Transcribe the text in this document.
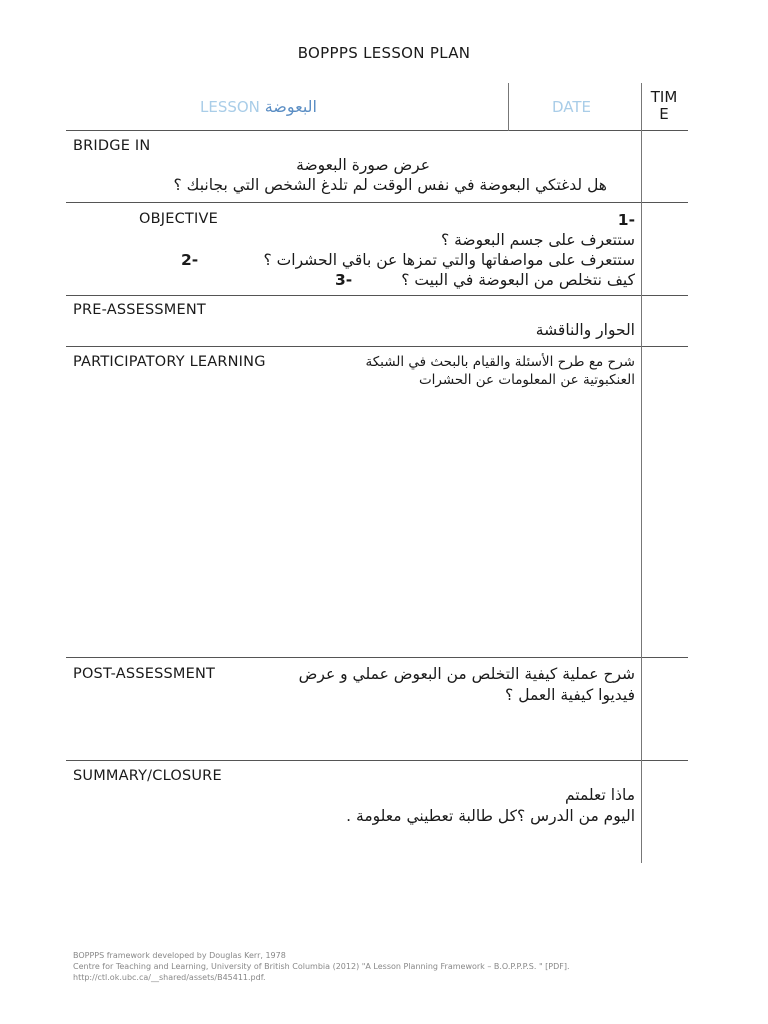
BOPPPS LESSON PLAN
LESSON البعوضة	DATE
TIM
E
BRIDGE IN
عرض صورة البعوضة
هل لدغتكي البعوضة في نفس الوقت لم تلدغ الشخص التي بجانبك ؟
OBJECTIVE	1-
ستتعرف على جسم البعوضة ؟
2-	ستتعرف على مواصفاتها والتي تمزها عن باقي الحشرات ؟
3-	كيف نتخلص من البعوضة في البيت ؟
PRE-ASSESSMENT
الحوار والناقشة
PARTICIPATORY LEARNING	شرح مع طرح الأسئلة والقيام بالبحث في الشبكة
العنكبوتية عن المعلومات عن الحشرات
POST-ASSESSMENT	شرح عملية كيفية التخلص من البعوض عملي و عرض
فيديوا كيفية العمل ؟
SUMMARY/CLOSURE
ماذا تعلمتم
اليوم من الدرس ؟كل طالبة تعطيني معلومة .
BOPPPS framework developed by Douglas Kerr, 1978
Centre for Teaching and Learning, University of British Columbia (2012) "A Lesson Planning Framework – B.O.P.P.P.S. " [PDF].
http://ctl.ok.ubc.ca/__shared/assets/B45411.pdf.
